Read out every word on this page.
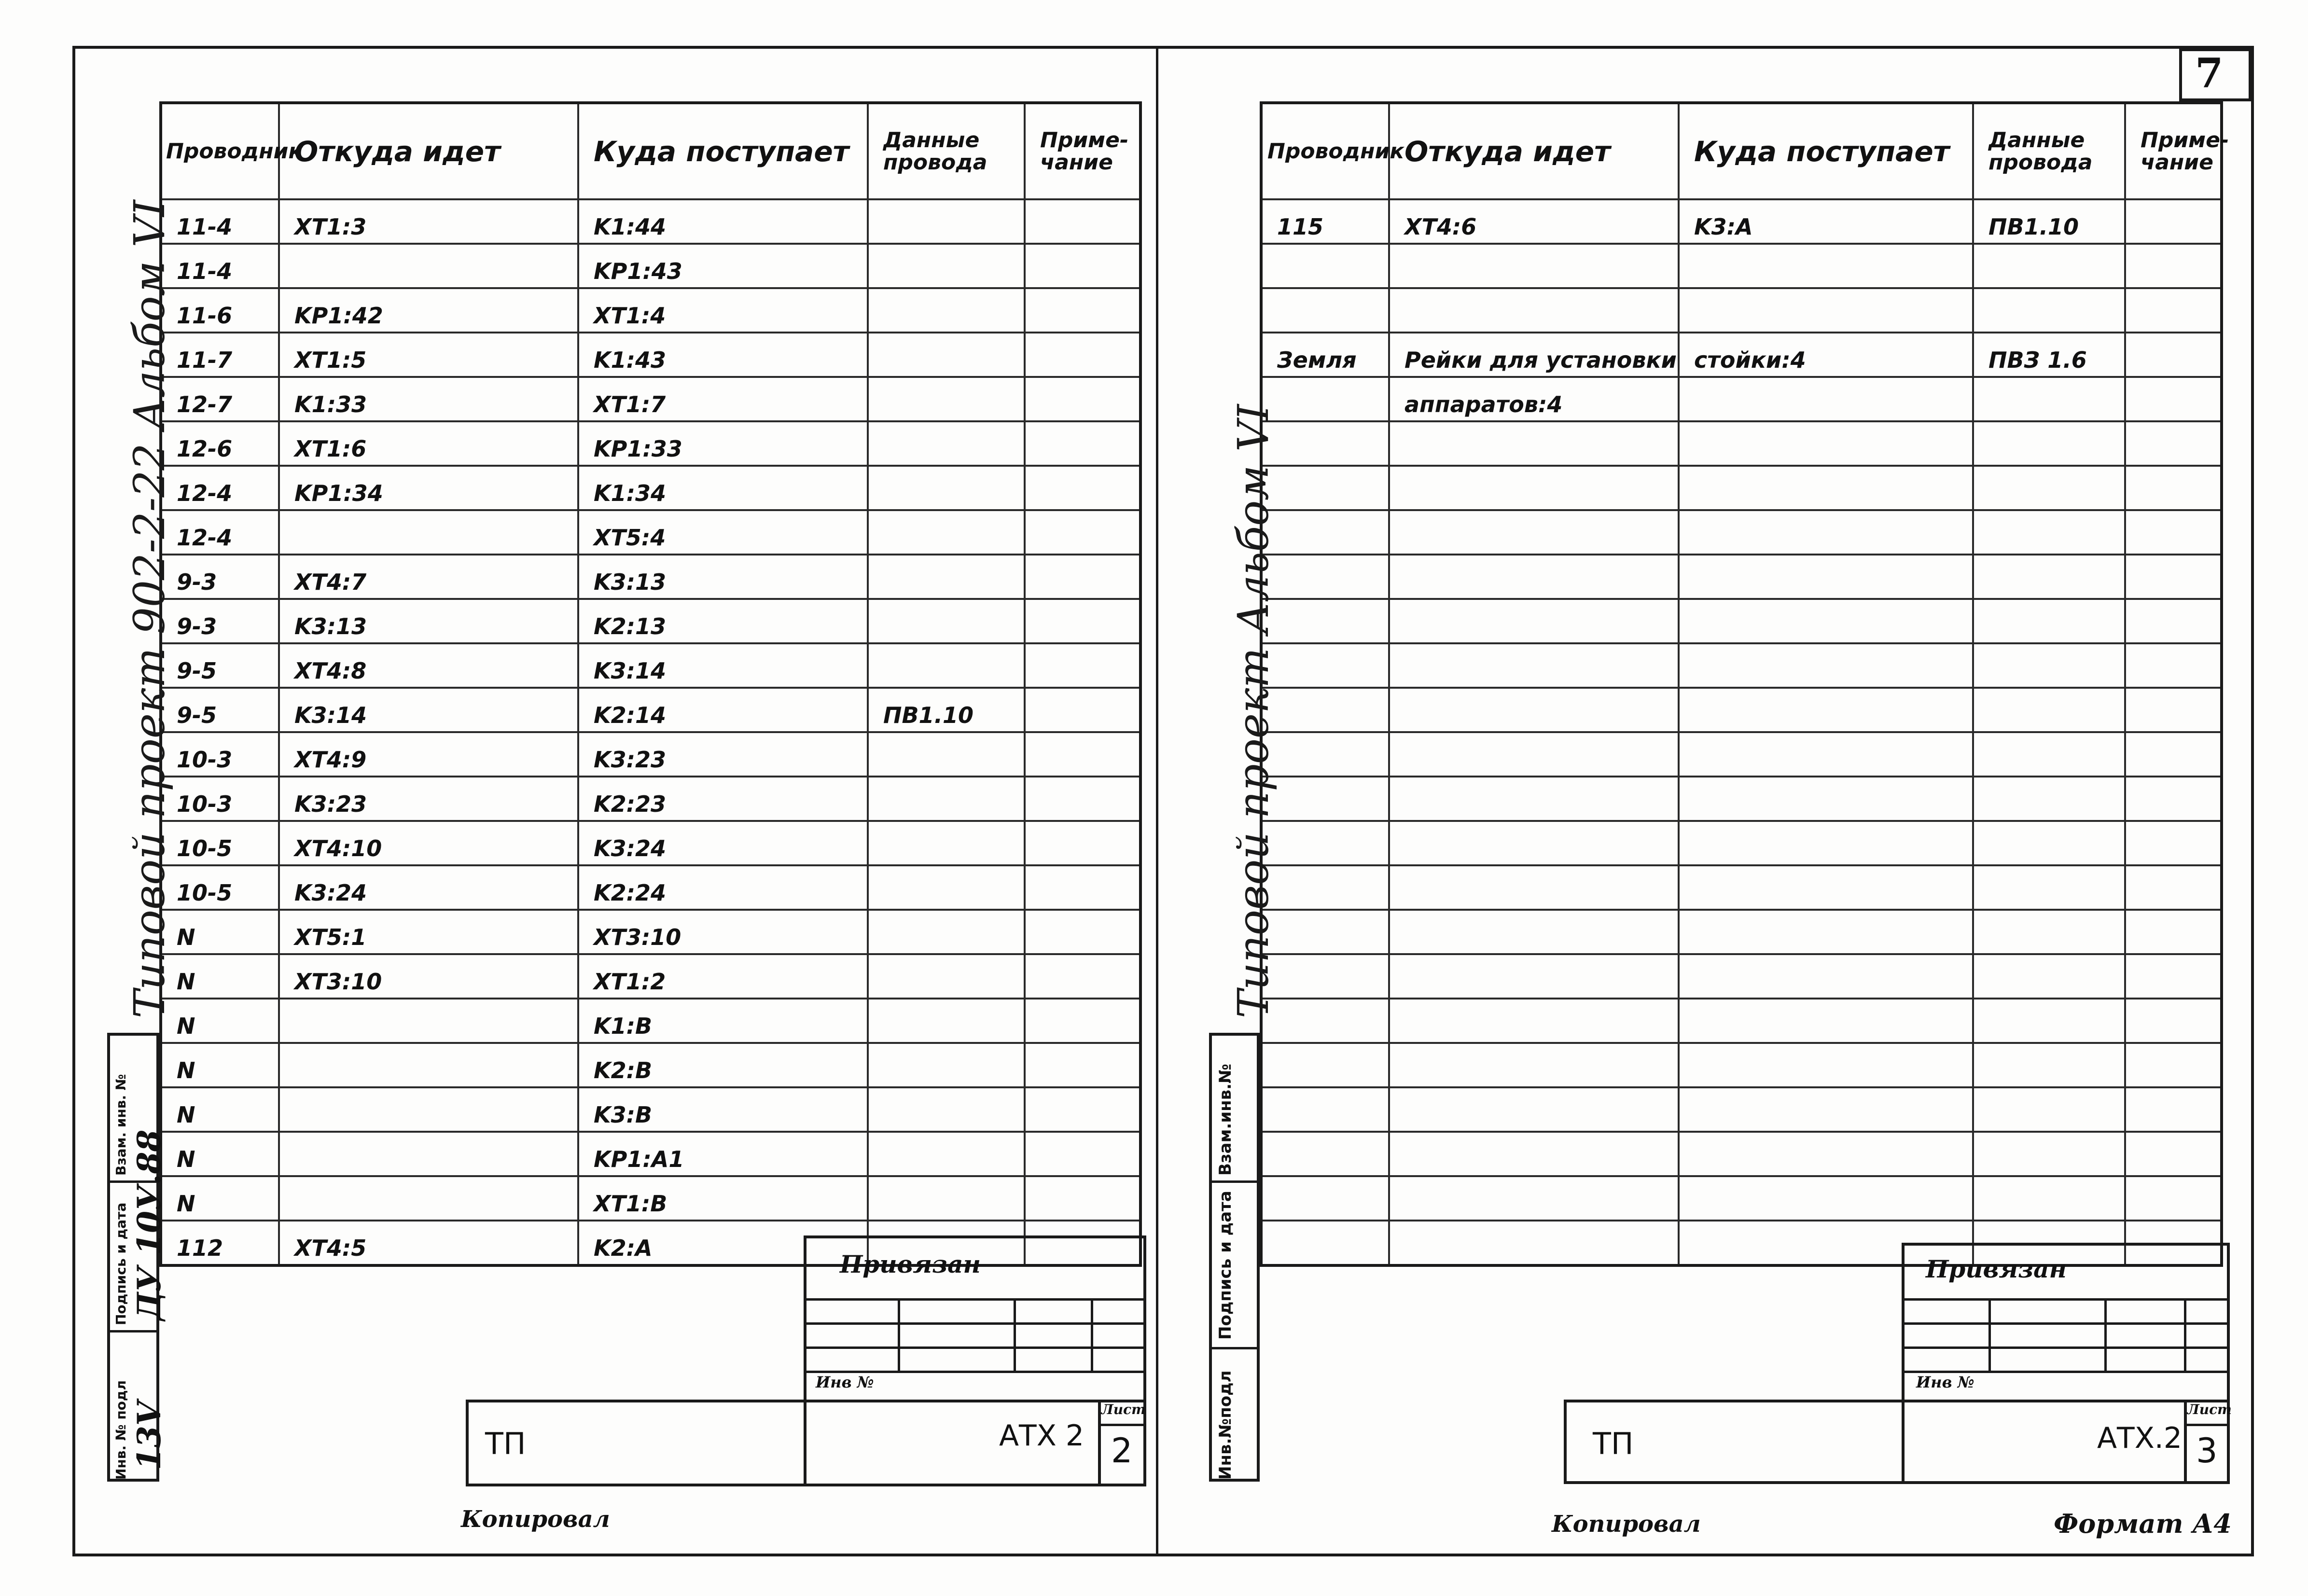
7
Проводник	Откуда идет	Куда поступает	Данные провода	Приме-чание
11-4	XT1:3	K1:44		
11-4		KP1:43		
11-6	KP1:42	XT1:4		
11-7	XT1:5	K1:43		
12-7	K1:33	XT1:7		
12-6	XT1:6	KP1:33		
12-4	KP1:34	K1:34		
12-4		XT5:4		
9-3	XT4:7	K3:13		
9-3	K3:13	K2:13		
9-5	XT4:8	K3:14		
9-5	K3:14	K2:14	ПВ1.10	
10-3	XT4:9	K3:23		
10-3	K3:23	K2:23		
10-5	XT4:10	K3:24		
10-5	K3:24	K2:24		
N	XT5:1	XT3:10		
N	XT3:10	XT1:2		
N		K1:B		
N		K2:B		
N		K3:B		
N		KP1:A1		
N		XT1:B		
112	XT4:5	K2:A		
Типовой проект 902-2-22 Альбом VI
Взам. инв. №
Подпись и дата
Инв. № подл
ДУ 10У.88
13V
Привязан
Инв №
ТП	АТХ 2
Лист
2
Копировал
Проводник	Откуда идет	Куда поступает	Данные провода	Приме-чание
115	XT4:6	K3:A	ПВ1.10	

Земля	Рейки для установки	стойки:4	ПВЗ 1.6	
	аппаратов:4			

Типовой проект Альбом VI
Взам.инв.№
Подпись и дата
Инв.№подл
Привязан
Инв №
ТП	АТХ.2
Лист
3
Копировал	Формат А4
